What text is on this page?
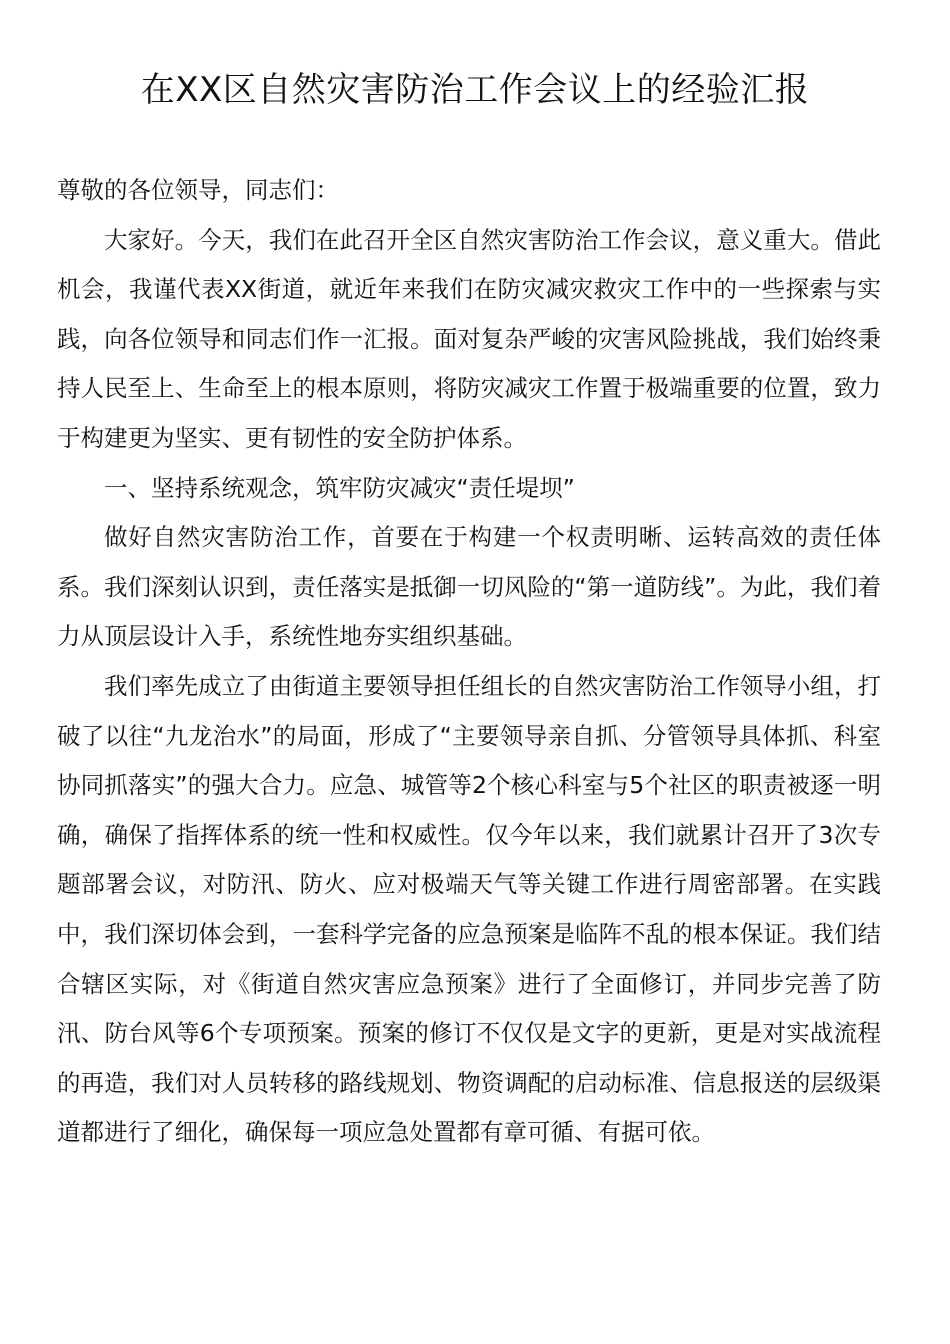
在XX区自然灾害防治工作会议上的经验汇报

尊敬的各位领导，同志们：

大家好。今天，我们在此召开全区自然灾害防治工作会议，意义重大。借此机会，我谨代表XX街道，就近年来我们在防灾减灾救灾工作中的一些探索与实践，向各位领导和同志们作一汇报。面对复杂严峻的灾害风险挑战，我们始终秉持人民至上、生命至上的根本原则，将防灾减灾工作置于极端重要的位置，致力于构建更为坚实、更有韧性的安全防护体系。

一、坚持系统观念，筑牢防灾减灾“责任堤坝”

做好自然灾害防治工作，首要在于构建一个权责明晰、运转高效的责任体系。我们深刻认识到，责任落实是抵御一切风险的“第一道防线”。为此，我们着力从顶层设计入手，系统性地夯实组织基础。

我们率先成立了由街道主要领导担任组长的自然灾害防治工作领导小组，打破了以往“九龙治水”的局面，形成了“主要领导亲自抓、分管领导具体抓、科室协同抓落实”的强大合力。应急、城管等2个核心科室与5个社区的职责被逐一明确，确保了指挥体系的统一性和权威性。仅今年以来，我们就累计召开了3次专题部署会议，对防汛、防火、应对极端天气等关键工作进行周密部署。在实践中，我们深切体会到，一套科学完备的应急预案是临阵不乱的根本保证。我们结合辖区实际，对《街道自然灾害应急预案》进行了全面修订，并同步完善了防汛、防台风等6个专项预案。预案的修订不仅仅是文字的更新，更是对实战流程的再造，我们对人员转移的路线规划、物资调配的启动标准、信息报送的层级渠道都进行了细化，确保每一项应急处置都有章可循、有据可依。
